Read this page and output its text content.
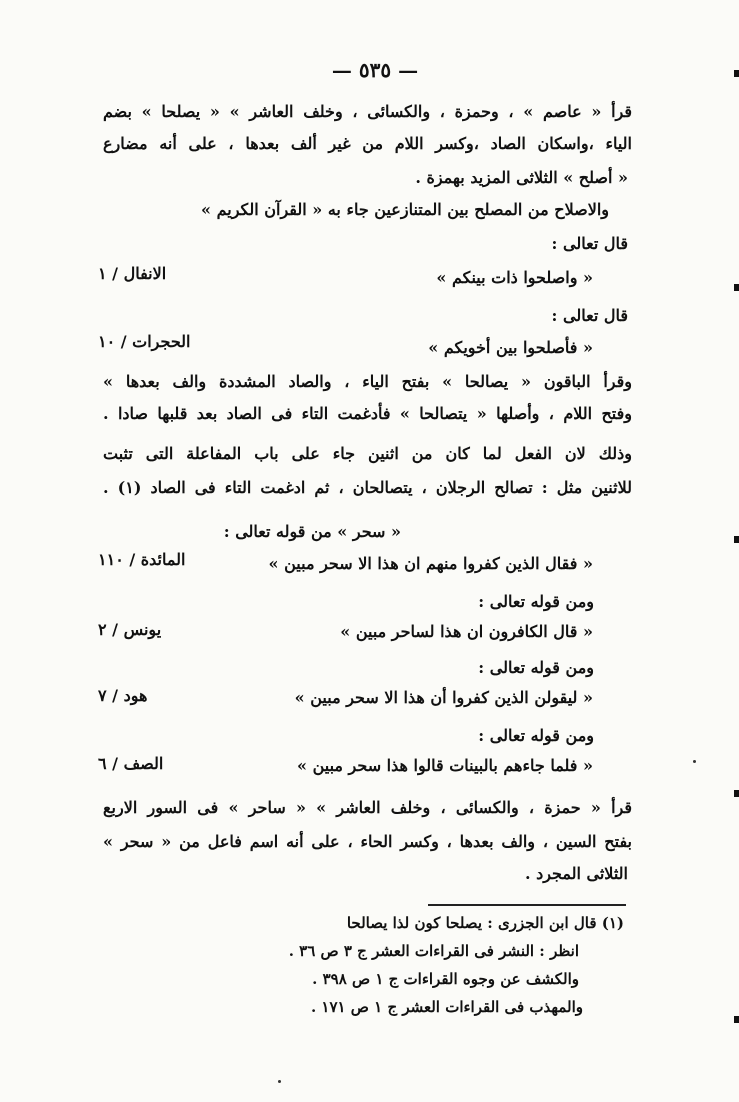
— ٥٣٥ —
قرأ « عاصم » ، وحمزة ، والكسائى ، وخلف العاشر » « يصلحا » بضم
الياء ،واسكان الصاد ،وكسر اللام من غير ألف بعدها ، على أنه مضارع
« أصلح » الثلاثى المزيد بهمزة .
والاصلاح من المصلح بين المتنازعين جاء به « القرآن الكريم »
قال تعالى :
« واصلحوا ذات بينكم »
الانفال / ١
قال تعالى :
« فأصلحوا بين أخويكم »
الحجرات / ١٠
وقرأ الباقون « يصالحا » بفتح الياء ، والصاد المشددة والف بعدها »
وفتح اللام ، وأصلها « يتصالحا » فأدغمت التاء فى الصاد بعد قلبها صادا .
وذلك لان الفعل لما كان من اثنين جاء على باب المفاعلة التى تثبت
للاثنين مثل : تصالح الرجلان ، يتصالحان ، ثم ادغمت التاء فى الصاد (١) .
« سحر » من قوله تعالى :
« فقال الذين كفروا منهم ان هذا الا سحر مبين »
المائدة / ١١٠
ومن قوله تعالى :
« قال الكافرون ان هذا لساحر مبين »
يونس / ٢
ومن قوله تعالى :
« ليقولن الذين كفروا أن هذا الا سحر مبين »
هود / ٧
ومن قوله تعالى :
« فلما جاءهم بالبينات قالوا هذا سحر مبين »
الصف / ٦
قرأ « حمزة ، والكسائى ، وخلف العاشر » « ساحر » فى السور الاربع
بفتح السين ، والف بعدها ، وكسر الحاء ، على أنه اسم فاعل من « سحر »
الثلاثى المجرد .
(١) قال ابن الجزرى : يصلحا كون لذا يصالحا
انظر : النشر فى القراءات العشر ج ٣ ص ٣٦ .
والكشف عن وجوه القراءات ج ١ ص ٣٩٨ .
والمهذب فى القراءات العشر ج ١ ص ١٧١ .
